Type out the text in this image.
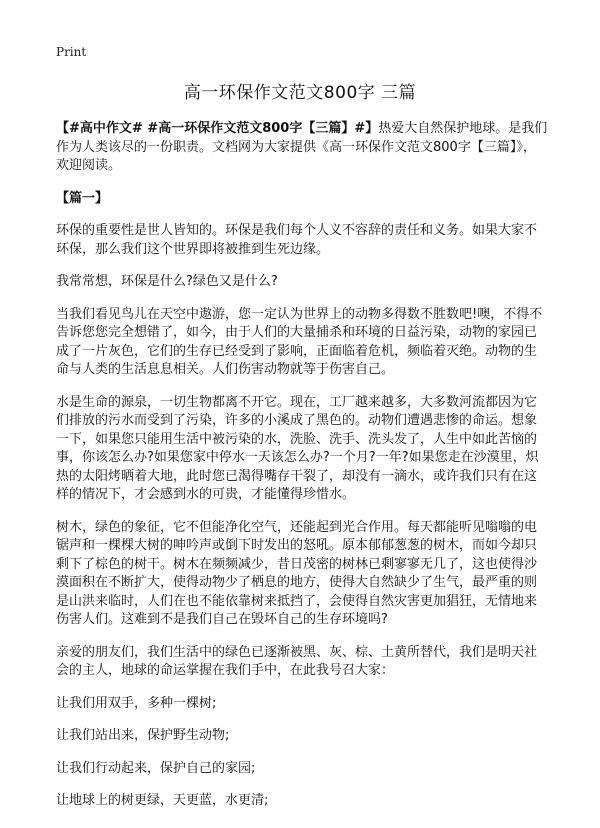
Print
高一环保作文范文800字 三篇

【#高中作文# #高一环保作文范文800字【三篇】#】热爱大自然保护地球。是我们作为人类该尽的一份职责。文档网为大家提供《高一环保作文范文800字【三篇】》，欢迎阅读。

【篇一】

环保的重要性是世人皆知的。环保是我们每个人义不容辞的责任和义务。如果大家不环保，那么我们这个世界即将被推到生死边缘。

我常常想，环保是什么?绿色又是什么?

当我们看见鸟儿在天空中遨游，您一定认为世界上的动物多得数不胜数吧!噢，不得不告诉您您完全想错了，如今，由于人们的大量捕杀和环境的日益污染，动物的家园已成了一片灰色，它们的生存已经受到了影响，正面临着危机，频临着灭绝。动物的生命与人类的生活息息相关。人们伤害动物就等于伤害自己。

水是生命的源泉，一切生物都离不开它。现在，工厂越来越多，大多数河流都因为它们排放的污水而受到了污染，许多的小溪成了黑色的。动物们遭遇悲惨的命运。想象一下，如果您只能用生活中被污染的水，洗脸、洗手、洗头发了，人生中如此苦恼的事，你该怎么办?如果您家中停水一天该怎么办?一个月?一年?如果您走在沙漠里，炽热的太阳烤晒着大地，此时您已渴得嘴存干裂了，却没有一滴水，或许我们只有在这样的情况下，才会感到水的可贵，才能懂得珍惜水。

树木，绿色的象征，它不但能净化空气，还能起到光合作用。每天都能听见嗡嗡的电锯声和一棵棵大树的呻吟声或倒下时发出的怒吼。原本郁郁葱葱的树木，而如今却只剩下了棕色的树干。树木在频频减少，昔日茂密的树林已剩寥寥无几了，这也使得沙漠面积在不断扩大，使得动物少了栖息的地方，使得大自然缺少了生气，最严重的则是山洪来临时，人们在也不能依靠树来抵挡了，会使得自然灾害更加猖狂，无情地来伤害人们。这难到不是我们自己在毁坏自己的生存环境吗?

亲爱的朋友们，我们生活中的绿色已逐渐被黑、灰、棕、土黄所替代，我们是明天社会的主人，地球的命运掌握在我们手中，在此我号召大家：

让我们用双手，多种一棵树;

让我们站出来，保护野生动物;

让我们行动起来，保护自己的家园;

让地球上的树更绿，天更蓝，水更清;
